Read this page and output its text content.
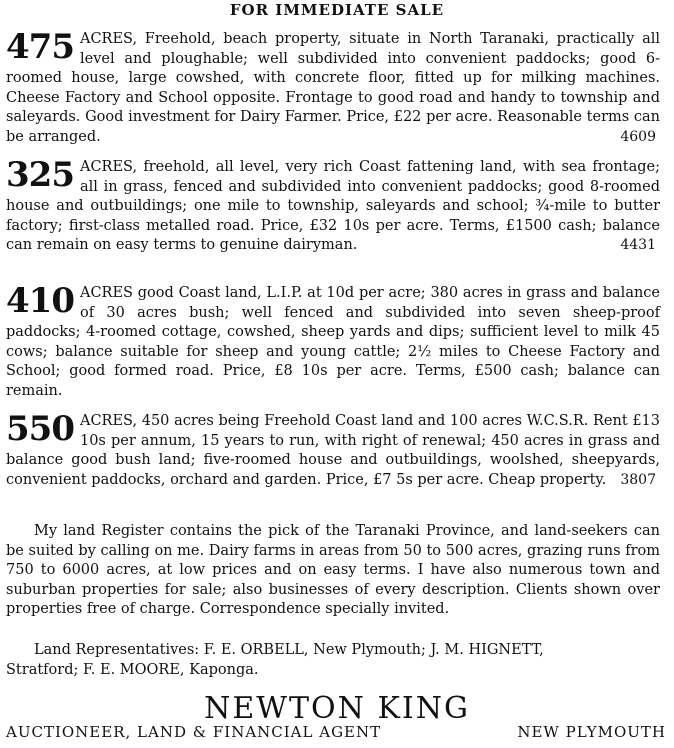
FOR IMMEDIATE SALE
475 ACRES, Freehold, beach property, situate in North Taranaki, practically all level and ploughable; well subdivided into convenient paddocks; good 6-roomed house, large cowshed, with concrete floor, fitted up for milking machines. Cheese Factory and School opposite. Frontage to good road and handy to township and saleyards. Good investment for Dairy Farmer. Price, £22 per acre. Reasonable terms can be arranged.	4609
325 ACRES, freehold, all level, very rich Coast fattening land, with sea frontage; all in grass, fenced and subdivided into convenient paddocks; good 8-roomed house and outbuildings; one mile to township, saleyards and school; ¾-mile to butter factory; first-class metalled road. Price, £32 10s per acre. Terms, £1500 cash; balance can remain on easy terms to genuine dairyman.	4431
410 ACRES good Coast land, L.I.P. at 10d per acre; 380 acres in grass and balance of 30 acres bush; well fenced and subdivided into seven sheep-proof paddocks; 4-roomed cottage, cowshed, sheep yards and dips; sufficient level to milk 45 cows; balance suitable for sheep and young cattle; 2½ miles to Cheese Factory and School; good formed road. Price, £8 10s per acre. Terms, £500 cash; balance can remain.

550 ACRES, 450 acres being Freehold Coast land and 100 acres W.C.S.R. Rent £13 10s per annum, 15 years to run, with right of renewal; 450 acres in grass and balance good bush land; five-roomed house and outbuildings, woolshed, sheepyards, convenient paddocks, orchard and garden. Price, £7 5s per acre. Cheap property.	3807

My land Register contains the pick of the Taranaki Province, and land-seekers can be suited by calling on me. Dairy farms in areas from 50 to 500 acres, grazing runs from 750 to 6000 acres, at low prices and on easy terms. I have also numerous town and suburban properties for sale; also businesses of every description. Clients shown over properties free of charge. Correspondence specially invited.

Land Representatives: F. E. ORBELL, New Plymouth; J. M. HIGNETT,
Stratford; F. E. MOORE, Kaponga.
NEWTON KING
AUCTIONEER, LAND & FINANCIAL AGENT	NEW PLYMOUTH
